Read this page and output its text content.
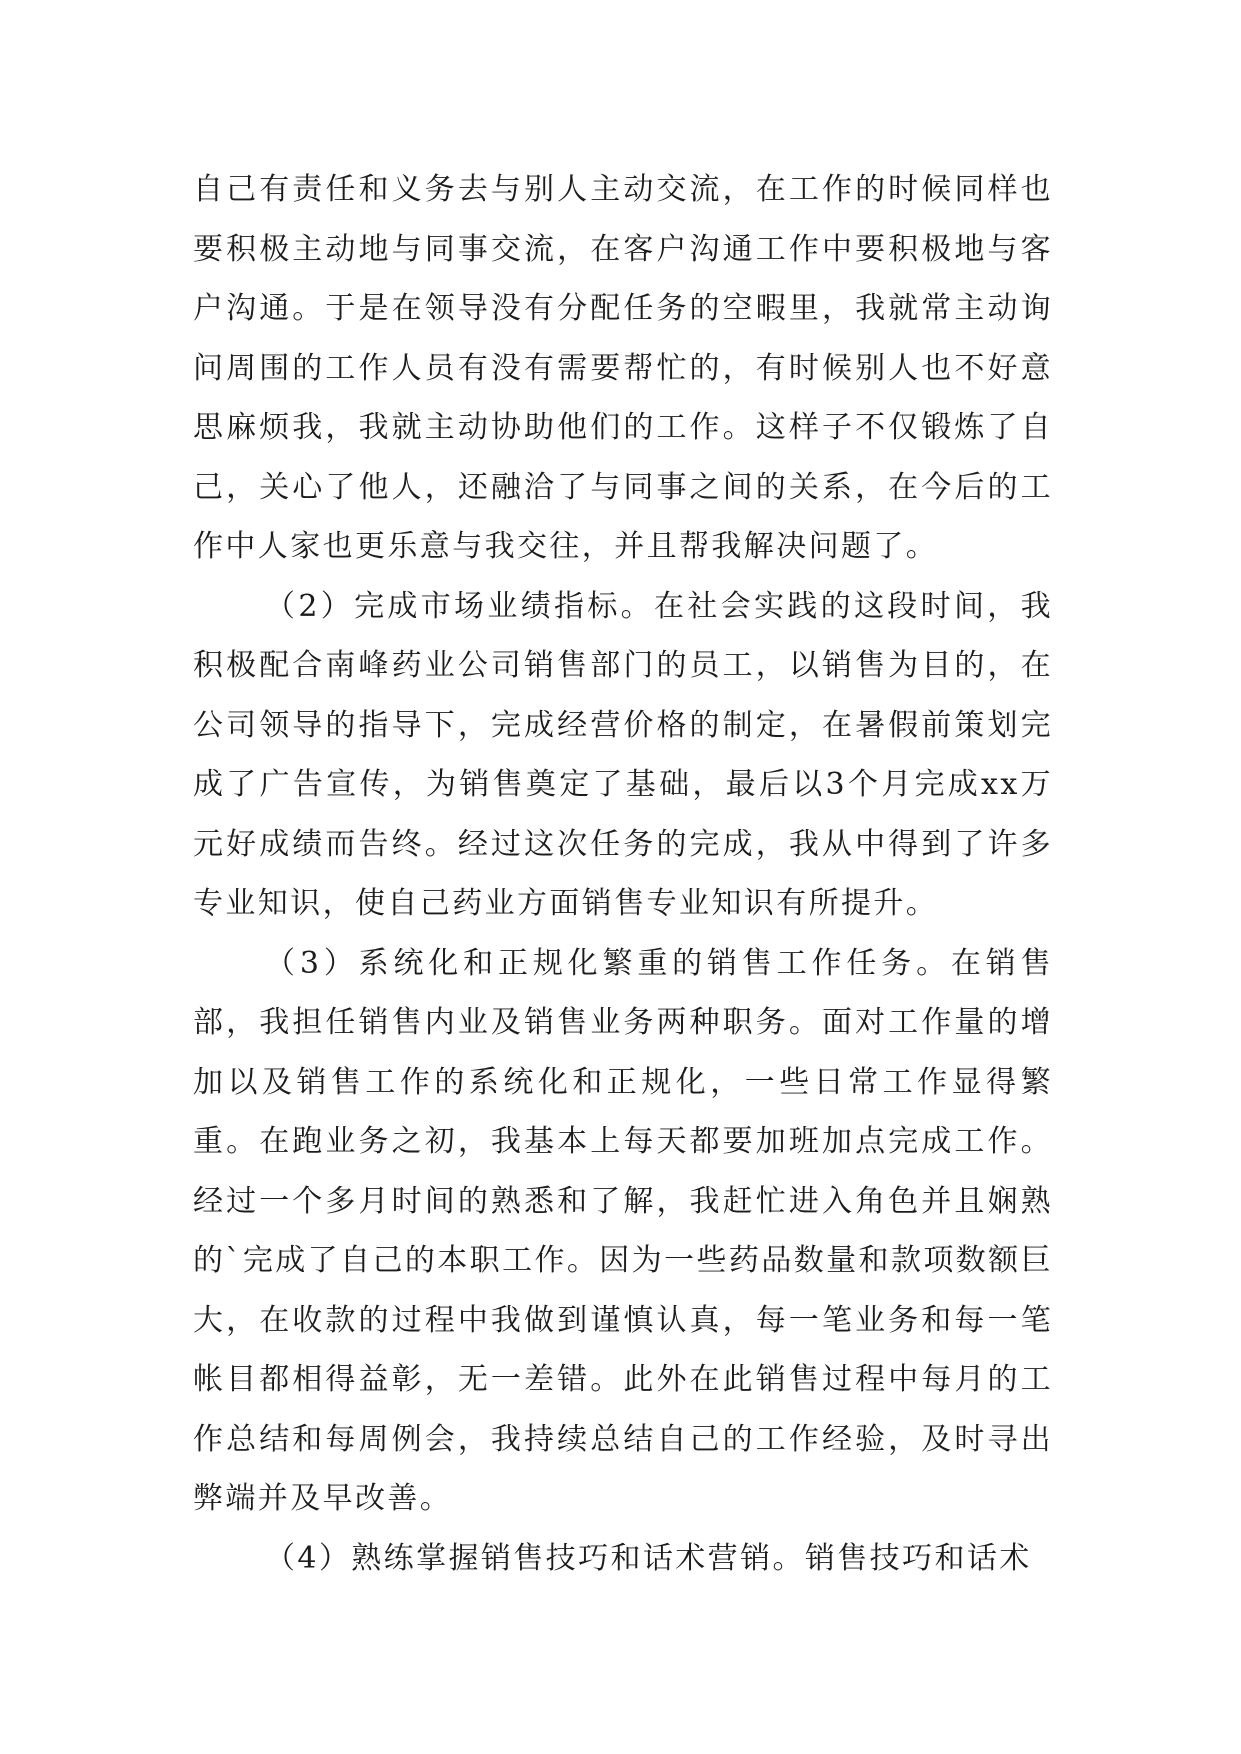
自己有责任和义务去与别人主动交流，在工作的时候同样也要积极主动地与同事交流，在客户沟通工作中要积极地与客户沟通。于是在领导没有分配任务的空暇里，我就常主动询问周围的工作人员有没有需要帮忙的，有时候别人也不好意思麻烦我，我就主动协助他们的工作。这样子不仅锻炼了自己，关心了他人，还融洽了与同事之间的关系，在今后的工作中人家也更乐意与我交往，并且帮我解决问题了。

（2）完成市场业绩指标。在社会实践的这段时间，我积极配合南峰药业公司销售部门的员工，以销售为目的，在公司领导的指导下，完成经营价格的制定，在暑假前策划完成了广告宣传，为销售奠定了基础，最后以3个月完成xx万元好成绩而告终。经过这次任务的完成，我从中得到了许多专业知识，使自己药业方面销售专业知识有所提升。

（3）系统化和正规化繁重的销售工作任务。在销售部，我担任销售内业及销售业务两种职务。面对工作量的增加以及销售工作的系统化和正规化，一些日常工作显得繁重。在跑业务之初，我基本上每天都要加班加点完成工作。经过一个多月时间的熟悉和了解，我赶忙进入角色并且娴熟的`完成了自己的本职工作。因为一些药品数量和款项数额巨大，在收款的过程中我做到谨慎认真，每一笔业务和每一笔帐目都相得益彰，无一差错。此外在此销售过程中每月的工作总结和每周例会，我持续总结自己的工作经验，及时寻出弊端并及早改善。

（4）熟练掌握销售技巧和话术营销。销售技巧和话术
